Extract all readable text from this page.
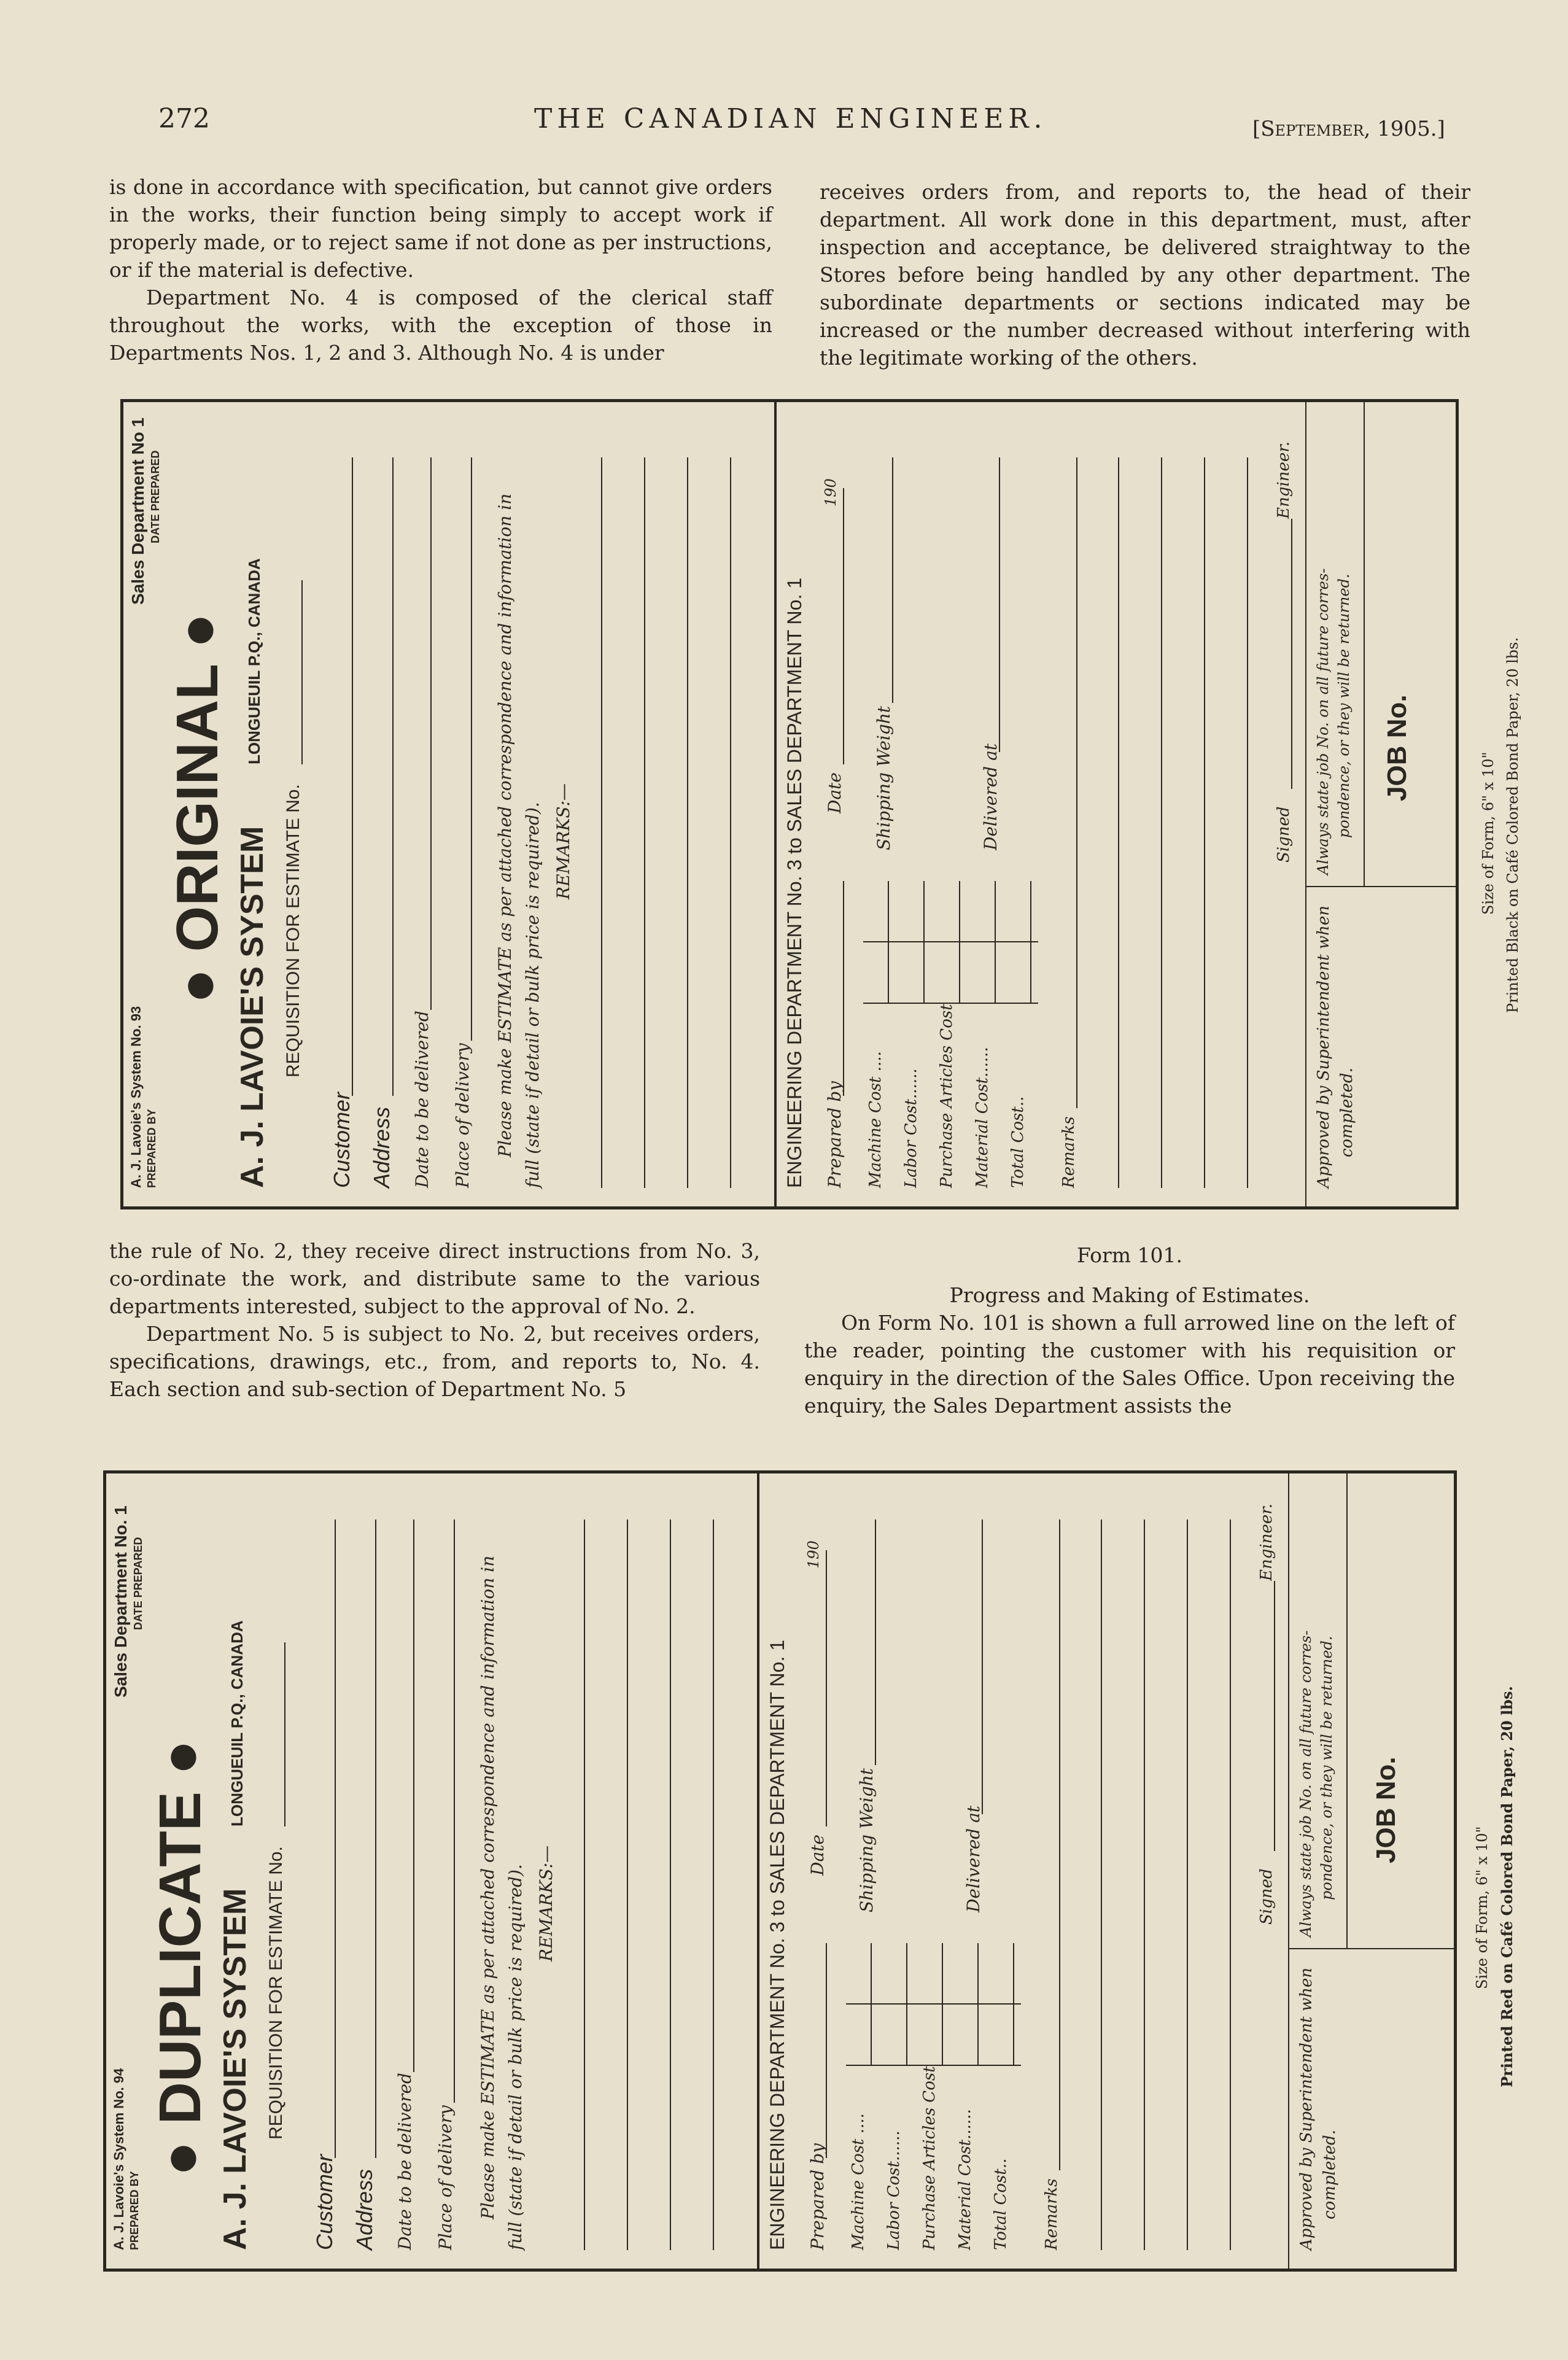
272	THE CANADIAN ENGINEER.	[September, 1905.]

is done in accordance with specification, but cannot give orders in the works, their function being simply to accept work if properly made, or to reject same if not done as per instructions, or if the material is defective.

Department No. 4 is composed of the clerical staff throughout the works, with the exception of those in Departments Nos. 1, 2 and 3. Although No. 4 is under

receives orders from, and reports to, the head of their department. All work done in this department, must, after inspection and acceptance, be delivered straightway to the Stores before being handled by any other department. The subordinate departments or sections indicated may be increased or the number decreased without interfering with the legitimate working of the others.

the rule of No. 2, they receive direct instructions from No. 3, co-ordinate the work, and distribute same to the various departments interested, subject to the approval of No. 2.

Department No. 5 is subject to No. 2, but receives orders, specifications, drawings, etc., from, and reports to, No. 4. Each section and sub-section of Department No. 5

Form 101.

Progress and Making of Estimates.

On Form No. 101 is shown a full arrowed line on the left of the reader, pointing the customer with his requisition or enquiry in the direction of the Sales Office. Upon receiving the enquiry, the Sales Department assists the

A. J. Lavoie's System No. 93 PREPARED BY
Sales Department No 1 DATE PREPARED
● ORIGINAL ●
A. J. LAVOIE'S SYSTEM
LONGUEUIL P.Q., CANADA
REQUISITION FOR ESTIMATE No.
Customer Address Date to be delivered Place of delivery Please make ESTIMATE as per attached correspondence and information in full (state if detail or bulk price is required). REMARKS:—	ENGINEERING DEPARTMENT No. 3 to SALES DEPARTMENT No. 1 Prepared by
Date
190
Machine Cost .... Labor Cost...... Purchase Articles Cost Material Cost...... Total Cost..
Shipping Weight	Delivered at
Remarks
Signed
Engineer.
Approved by Superintendent when completed.
Always state job No. on all future corres- pondence, or they will be returned. JOB No.
Size of Form, 6" x 10" Printed Black on Café Colored Bond Paper, 20 lbs.
A. J. Lavoie's System No. 94 PREPARED BY
Sales Department No. 1 DATE PREPARED
● DUPLICATE ●
A. J. LAVOIE'S SYSTEM
LONGUEUIL P.Q., CANADA
REQUISITION FOR ESTIMATE No.
Customer Address Date to be delivered Place of delivery Please make ESTIMATE as per attached correspondence and information in full (state if detail or bulk price is required). REMARKS:—	ENGINEERING DEPARTMENT No. 3 to SALES DEPARTMENT No. 1 Prepared by
Date
190
Machine Cost .... Labor Cost...... Purchase Articles Cost Material Cost...... Total Cost..
Shipping Weight	Delivered at
Remarks
Signed
Engineer.
Approved by Superintendent when completed.
Always state job No. on all future corres- pondence, or they will be returned. JOB No.
Size of Form, 6" x 10" Printed Red on Café Colored Bond Paper, 20 lbs.
